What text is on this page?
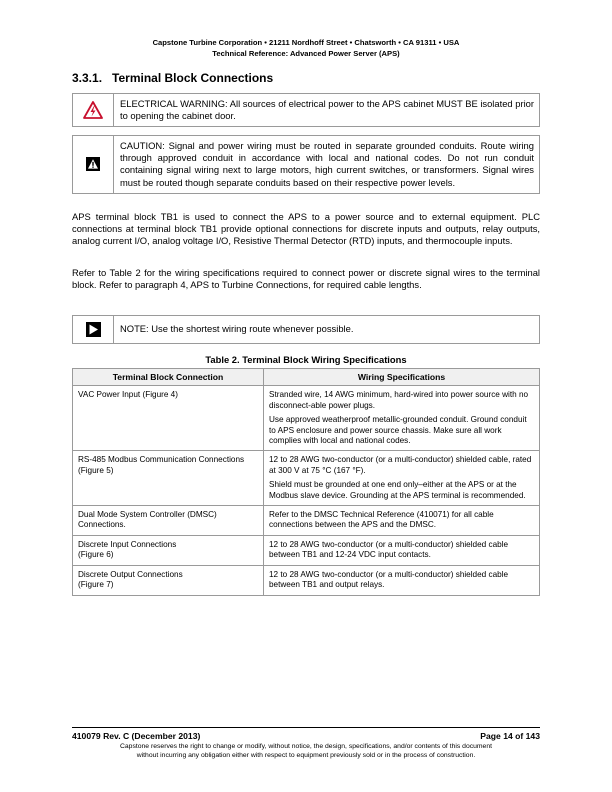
Capstone Turbine Corporation • 21211 Nordhoff Street • Chatsworth • CA 91311 • USA
Technical Reference: Advanced Power Server (APS)
3.3.1. Terminal Block Connections
ELECTRICAL WARNING: All sources of electrical power to the APS cabinet MUST BE isolated prior to opening the cabinet door.
CAUTION: Signal and power wiring must be routed in separate grounded conduits. Route wiring through approved conduit in accordance with local and national codes. Do not run conduit containing signal wiring next to large motors, high current switches, or transformers. Signal wires must be routed though separate conduits based on their respective power levels.

APS terminal block TB1 is used to connect the APS to a power source and to external equipment. PLC connections at terminal block TB1 provide optional connections for discrete inputs and outputs, relay outputs, analog current I/O, analog voltage I/O, Resistive Thermal Detector (RTD) inputs, and thermocouple inputs.

Refer to Table 2 for the wiring specifications required to connect power or discrete signal wires to the terminal block. Refer to paragraph 4, APS to Turbine Connections, for required cable lengths.

NOTE: Use the shortest wiring route whenever possible.
Table 2. Terminal Block Wiring Specifications
Terminal Block Connection	Wiring Specifications
VAC Power Input (Figure 4)	Stranded wire, 14 AWG minimum, hard-wired into power source with no disconnect-able power plugs.
Use approved weatherproof metallic-grounded conduit. Ground conduit to APS enclosure and power source chassis. Make sure all work complies with local and national codes.

RS-485 Modbus Communication Connections (Figure 5)	12 to 28 AWG two-conductor (or a multi-conductor) shielded cable, rated at 300 V at 75 °C (167 °F).
Shield must be grounded at one end only–either at the APS or at the Modbus slave device. Grounding at the APS terminal is recommended.

Dual Mode System Controller (DMSC) Connections.	Refer to the DMSC Technical Reference (410071) for all cable connections between the APS and the DMSC.

Discrete Input Connections
(Figure 6)	12 to 28 AWG two-conductor (or a multi-conductor) shielded cable between TB1 and 12-24 VDC input contacts.

Discrete Output Connections
(Figure 7)	12 to 28 AWG two-conductor (or a multi-conductor) shielded cable between TB1 and output relays.
410079 Rev. C (December 2013)	Page 14 of 143
Capstone reserves the right to change or modify, without notice, the design, specifications, and/or contents of this document
without incurring any obligation either with respect to equipment previously sold or in the process of construction.
